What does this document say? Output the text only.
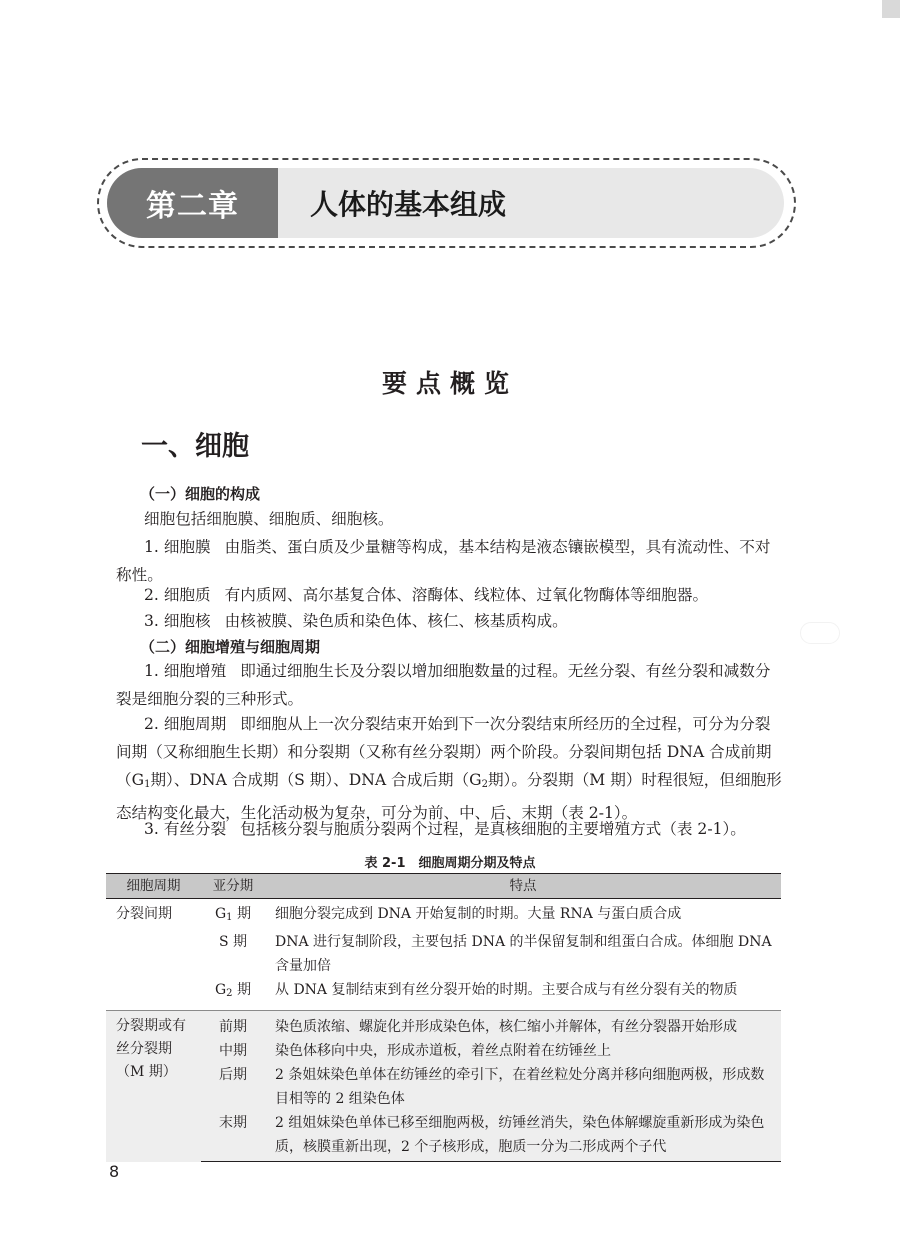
第二章	人体的基本组成
要点概览
一、细胞
（一）细胞的构成
细胞包括细胞膜、细胞质、细胞核。
1. 细胞膜 由脂类、蛋白质及少量糖等构成，基本结构是液态镶嵌模型，具有流动性、不对称性。
2. 细胞质 有内质网、高尔基复合体、溶酶体、线粒体、过氧化物酶体等细胞器。
3. 细胞核 由核被膜、染色质和染色体、核仁、核基质构成。
（二）细胞增殖与细胞周期
1. 细胞增殖 即通过细胞生长及分裂以增加细胞数量的过程。无丝分裂、有丝分裂和减数分裂是细胞分裂的三种形式。
2. 细胞周期 即细胞从上一次分裂结束开始到下一次分裂结束所经历的全过程，可分为分裂间期（又称细胞生长期）和分裂期（又称有丝分裂期）两个阶段。分裂间期包括 DNA 合成前期（$G_1$期）、DNA 合成期（S 期）、DNA 合成后期（$G_2$期）。分裂期（M 期）时程很短，但细胞形态结构变化最大，生化活动极为复杂，可分为前、中、后、末期（表 2-1）。
3. 有丝分裂 包括核分裂与胞质分裂两个过程，是真核细胞的主要增殖方式（表 2-1）。
表 2-1　细胞周期分期及特点
细胞周期	亚分期	特点
分裂间期	$G_1$ 期	细胞分裂完成到 DNA 开始复制的时期。大量 RNA 与蛋白质合成
	S 期	DNA 进行复制阶段，主要包括 DNA 的半保留复制和组蛋白合成。体细胞 DNA 含量加倍
	$G_2$ 期	从 DNA 复制结束到有丝分裂开始的时期。主要合成与有丝分裂有关的物质
分裂期或有丝分裂期（M 期）	前期	染色质浓缩、螺旋化并形成染色体，核仁缩小并解体，有丝分裂器开始形成
	中期	染色体移向中央，形成赤道板，着丝点附着在纺锤丝上
	后期	2 条姐妹染色单体在纺锤丝的牵引下，在着丝粒处分离并移向细胞两极，形成数目相等的 2 组染色体
	末期	2 组姐妹染色单体已移至细胞两极，纺锤丝消失，染色体解螺旋重新形成为染色质，核膜重新出现，2 个子核形成，胞质一分为二形成两个子代
8
